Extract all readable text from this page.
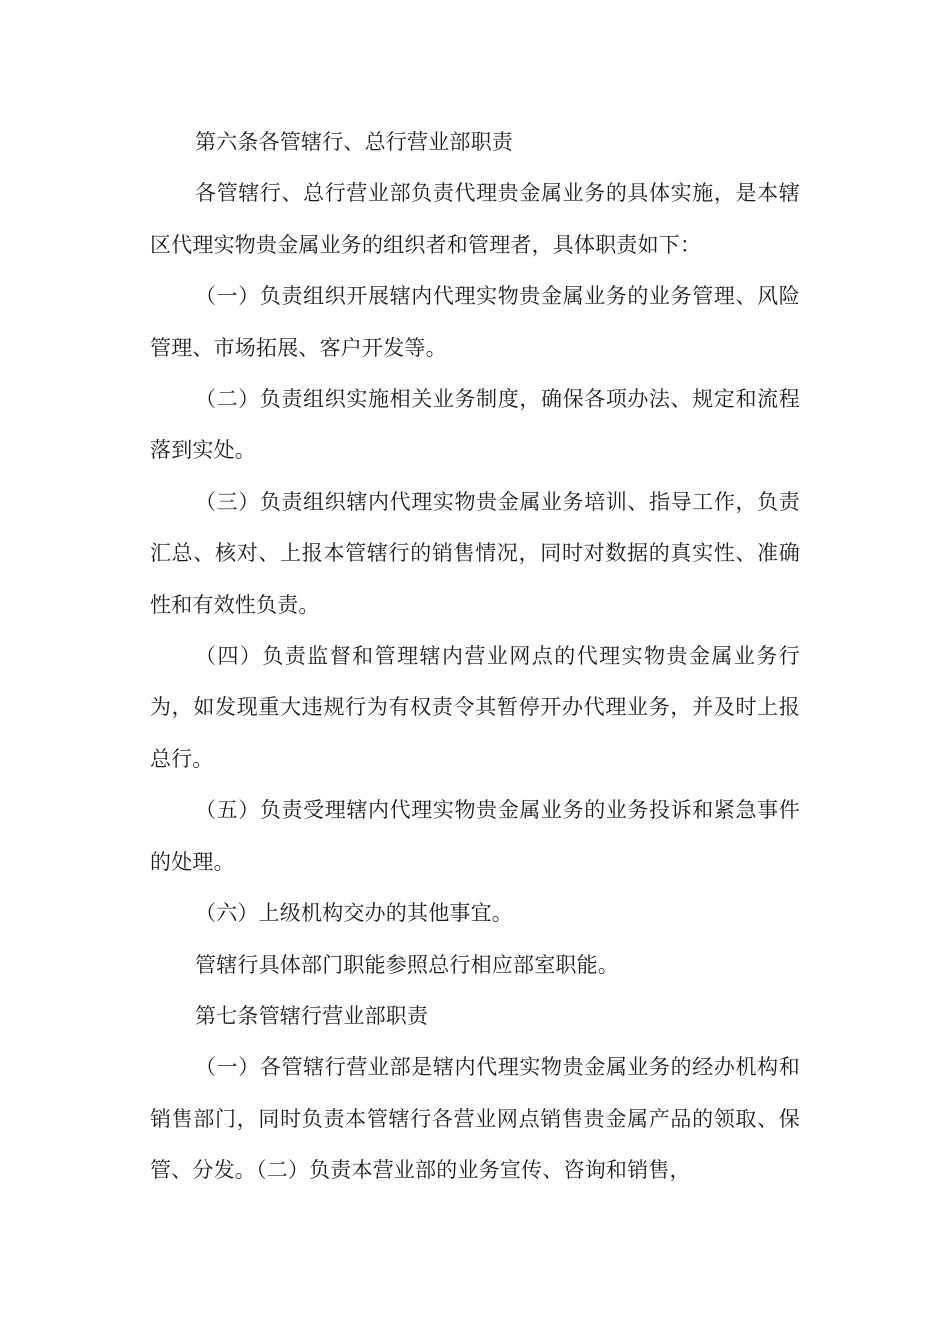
第六条各管辖行、总行营业部职责

各管辖行、总行营业部负责代理贵金属业务的具体实施，是本辖区代理实物贵金属业务的组织者和管理者，具体职责如下：

（一）负责组织开展辖内代理实物贵金属业务的业务管理、风险管理、市场拓展、客户开发等。

（二）负责组织实施相关业务制度，确保各项办法、规定和流程落到实处。

（三）负责组织辖内代理实物贵金属业务培训、指导工作，负责汇总、核对、上报本管辖行的销售情况，同时对数据的真实性、准确性和有效性负责。

（四）负责监督和管理辖内营业网点的代理实物贵金属业务行为，如发现重大违规行为有权责令其暂停开办代理业务，并及时上报总行。

（五）负责受理辖内代理实物贵金属业务的业务投诉和紧急事件的处理。

（六）上级机构交办的其他事宜。

管辖行具体部门职能参照总行相应部室职能。

第七条管辖行营业部职责

（一）各管辖行营业部是辖内代理实物贵金属业务的经办机构和销售部门，同时负责本管辖行各营业网点销售贵金属产品的领取、保管、分发。（二）负责本营业部的业务宣传、咨询和销售，
